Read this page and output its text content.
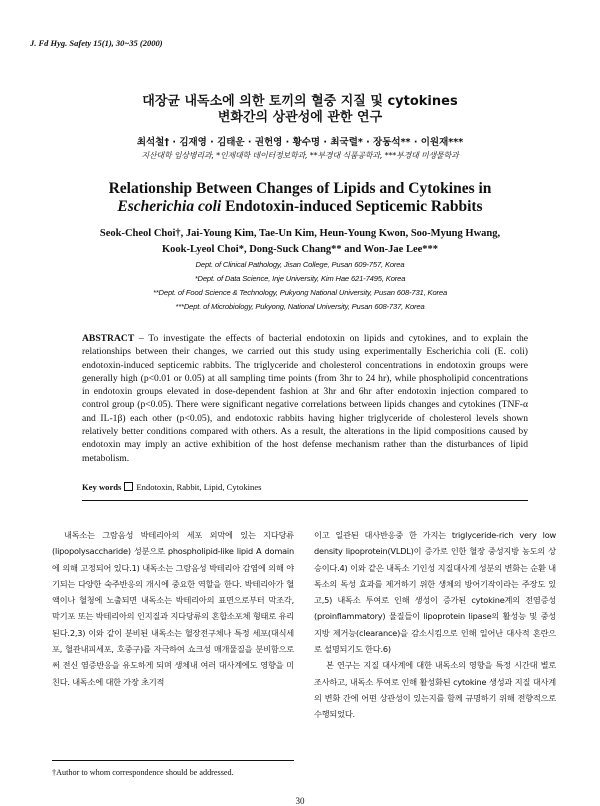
J. Fd Hyg. Safety 15(1), 30~35 (2000)
대장균 내독소에 의한 토끼의 혈중 지질 및 cytokines
변화간의 상관성에 관한 연구
최석철† · 김재영 · 김태운 · 권헌영 · 황수명 · 최국렬* · 장동석** · 이원재***
지산대학 임상병리과, *인제대학 데이터정보학과, **부경대 식품공학과, ***부경대 미생물학과
Relationship Between Changes of Lipids and Cytokines in
Escherichia coli Endotoxin-induced Septicemic Rabbits
Seok-Cheol Choi†, Jai-Young Kim, Tae-Un Kim, Heun-Young Kwon, Soo-Myung Hwang,
Kook-Lyeol Choi*, Dong-Suck Chang** and Won-Jae Lee***
Dept. of Clinical Pathology, Jisan College, Pusan 609-757, Korea
*Dept. of Data Science, Inje University, Kim Hae 621-7495, Korea
**Dept. of Food Science & Technology, Pukyong National University, Pusan 608-731, Korea
***Dept. of Microbiology, Pukyong, National University, Pusan 608-737, Korea
ABSTRACT – To investigate the effects of bacterial endotoxin on lipids and cytokines, and to explain the relationships between their changes, we carried out this study using experimentally Escherichia coli (E. coli) endotoxin-induced septicemic rabbits. The triglyceride and cholesterol concentrations in endotoxin groups were generally high (p<0.01 or 0.05) at all sampling time points (from 3hr to 24 hr), while phospholipid concentrations in endotoxin groups elevated in dose-dependent fashion at 3hr and 6hr after endotoxin injection compared to control group (p<0.05). There were significant negative correlations between lipids changes and cytokines (TNF-α and IL-1β) each other (p<0.05), and endotoxic rabbits having higher triglyceride of cholesterol levels shown relatively better conditions compared with others. As a result, the alterations in the lipid compositions caused by endotoxin may imply an active exhibition of the host defense mechanism rather than the disturbances of lipid metabolism.
Key words Endotoxin, Rabbit, Lipid, Cytokines

내독소는 그람음성 박테리아의 세포 외막에 있는 지다당류(lipopolysaccharide) 성분으로 phospholipid-like lipid A domain에 의해 고정되어 있다.1) 내독소는 그람음성 박테리아 감염에 의해 야기되는 다양한 숙주반응의 개시에 중요한 역할을 한다. 박테리아가 혈액이나 혈청에 노출되면 내독소는 박테리아의 표면으로부터 막조각, 막기포 또는 박테리아의 인지질과 지다당류의 혼합소포체 형태로 유리된다.2,3) 이와 같이 분비된 내독소는 혈장전구체나 특정 세포(대식세포, 혈관내피세포, 호중구)를 자극하여 쇼크성 매개물질을 분비함으로써 전신 염증반응을 유도하게 되며 생체내 여러 대사계에도 영향을 미친다. 내독소에 대한 가장 초기적

이고 일관된 대사반응중 한 가지는 triglyceride-rich very low density lipoprotein(VLDL)이 증가로 인한 혈장 중성지방 농도의 상승이다.4) 이와 같은 내독소 기인성 지질대사계 성분의 변화는 순환 내독소의 독성 효과를 제거하기 위한 생체의 방어기작이라는 주장도 있고,5) 내독소 투여로 인해 생성이 증가된 cytokine계의 전염증성(proinflammatory) 물질들이 lipoprotein lipase의 활성능 및 중성지방 제거능(clearance)을 감소시킴으로 인해 일어난 대사적 혼란으로 설명되기도 한다.6)

본 연구는 지질 대사계에 대한 내독소의 영향을 특정 시간대 별로 조사하고, 내독소 투여로 인해 활성화된 cytokine 생성과 지질 대사계의 변화 간에 어떤 상관성이 있는지를 함께 규명하기 위해 전향적으로 수행되었다.

†Author to whom correspondence should be addressed.
30
